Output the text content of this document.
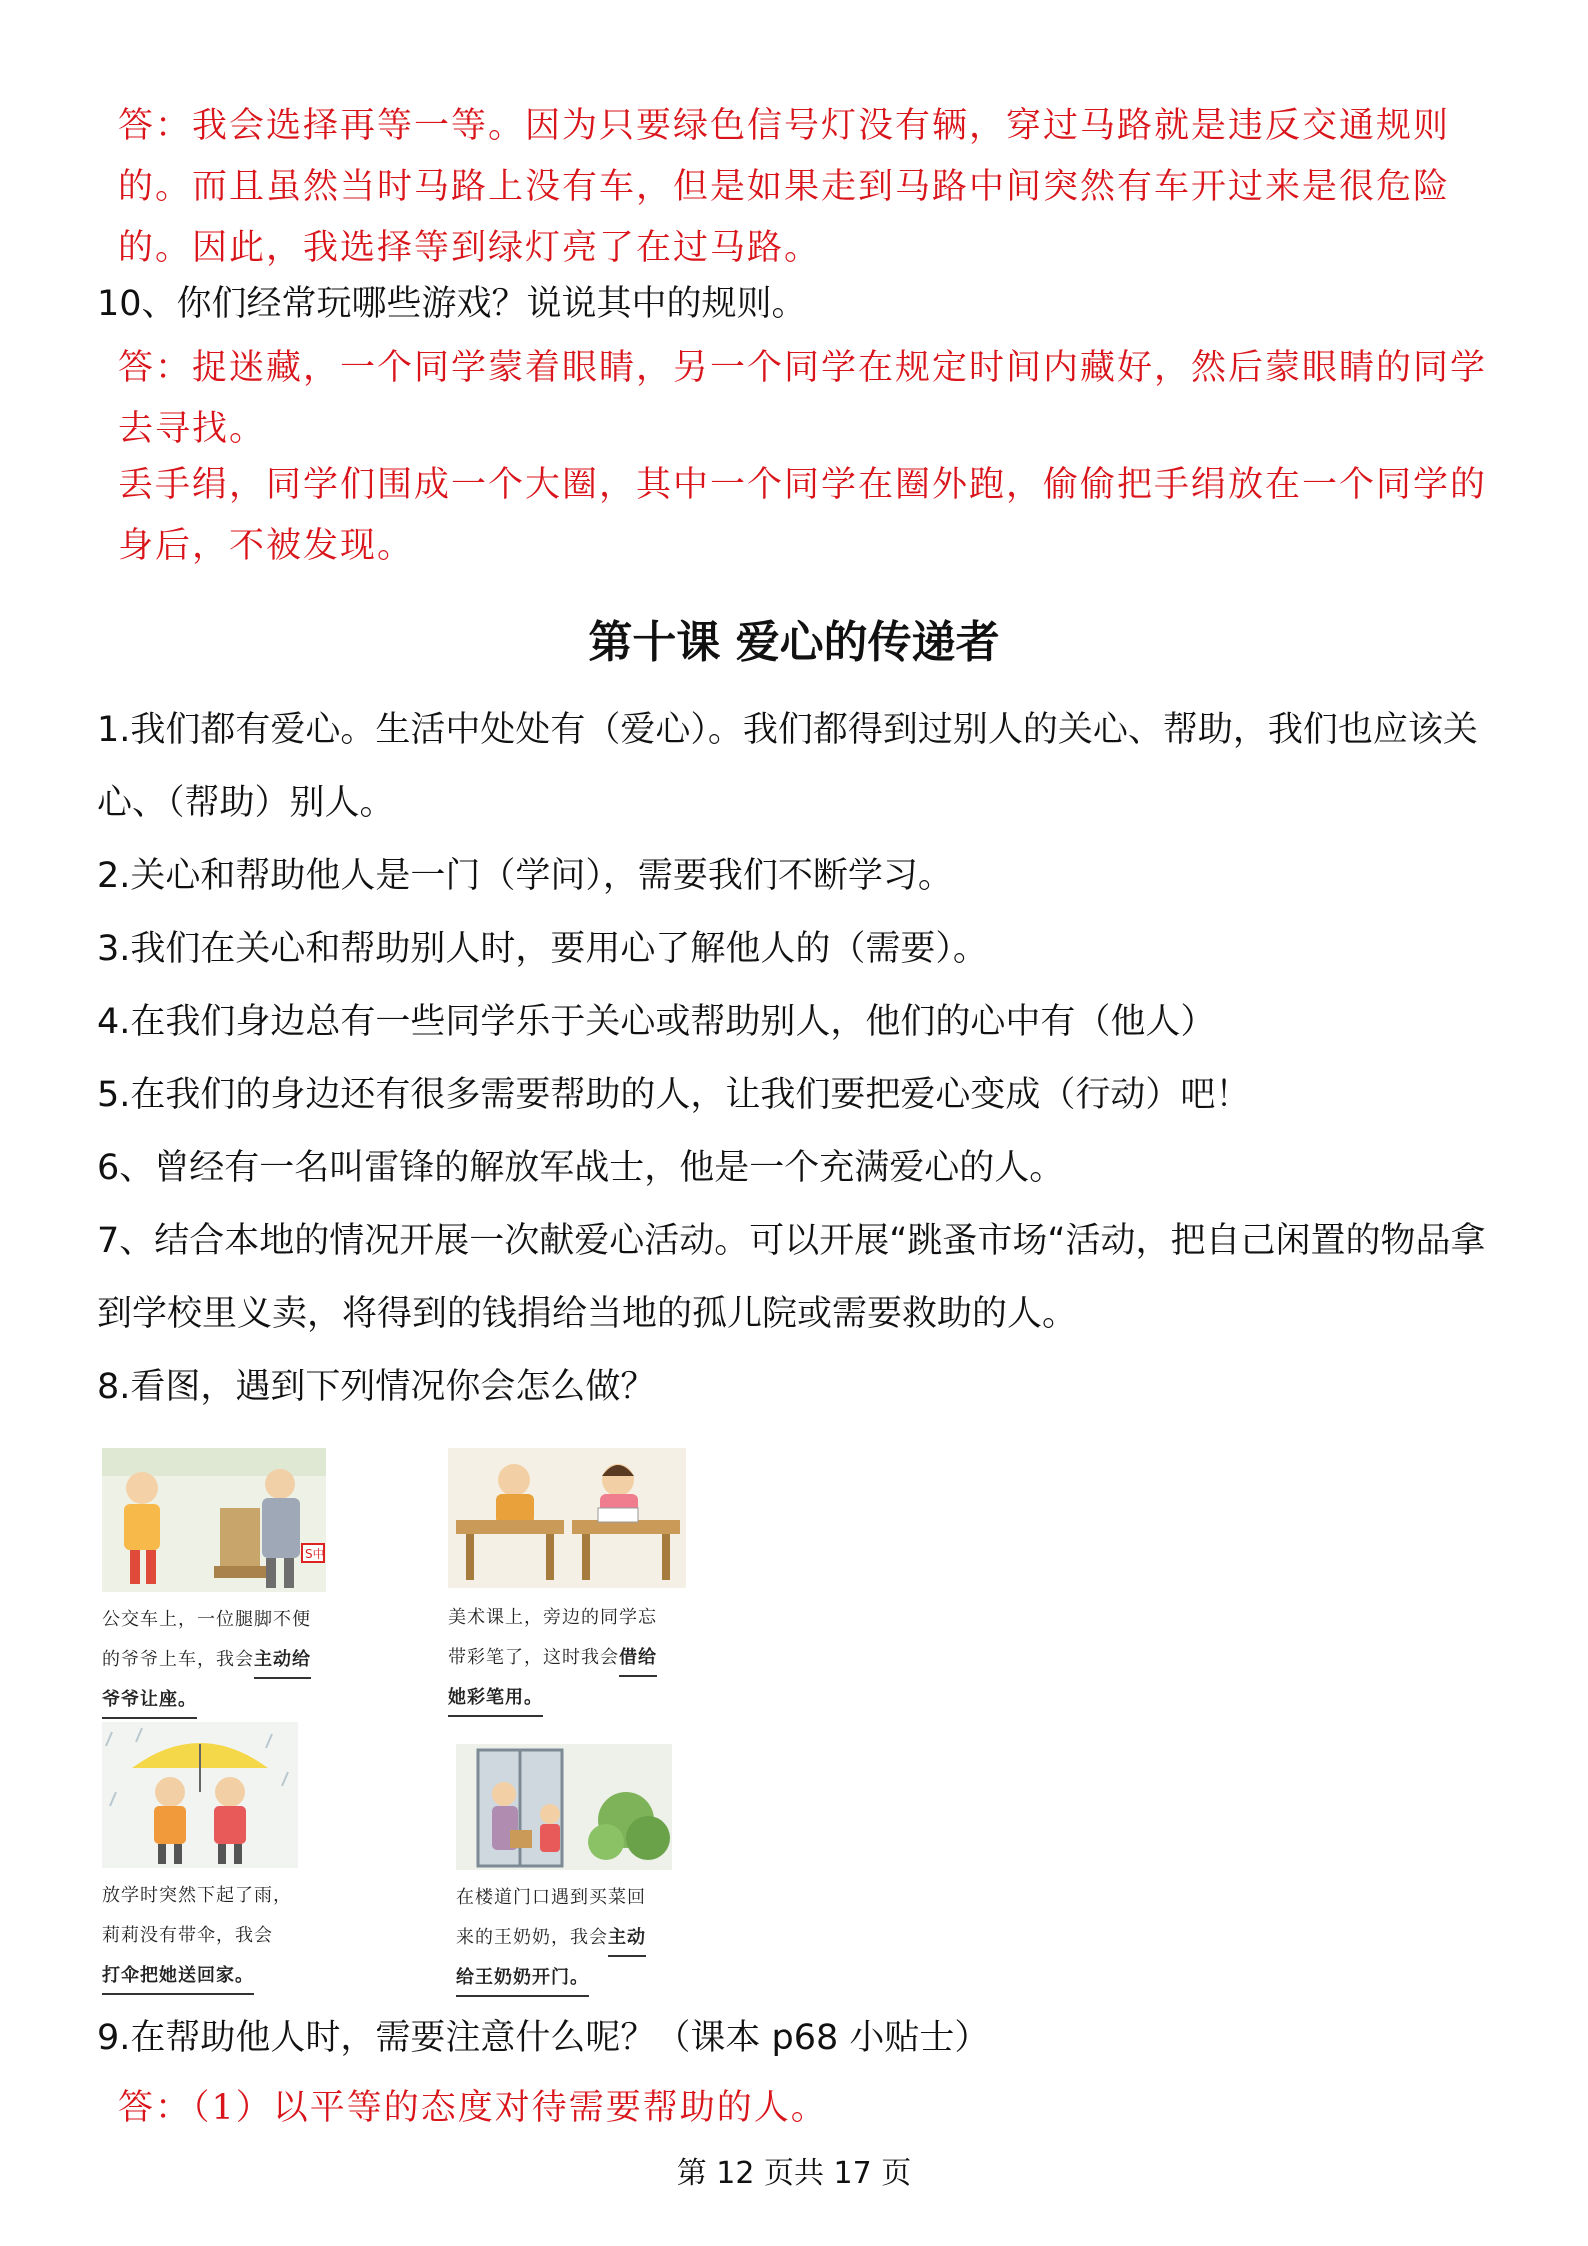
答：我会选择再等一等。因为只要绿色信号灯没有辆，穿过马路就是违反交通规则的。而且虽然当时马路上没有车，但是如果走到马路中间突然有车开过来是很危险的。因此，我选择等到绿灯亮了在过马路。

10、你们经常玩哪些游戏？说说其中的规则。

答：捉迷藏，一个同学蒙着眼睛，另一个同学在规定时间内藏好，然后蒙眼睛的同学去寻找。

丢手绢，同学们围成一个大圈，其中一个同学在圈外跑，偷偷把手绢放在一个同学的身后，不被发现。

第十课 爱心的传递者

1.我们都有爱心。生活中处处有（爱心）。我们都得到过别人的关心、帮助，我们也应该关心、（帮助）别人。

2.关心和帮助他人是一门（学问），需要我们不断学习。

3.我们在关心和帮助别人时，要用心了解他人的（需要）。

4.在我们身边总有一些同学乐于关心或帮助别人，他们的心中有（他人）

5.在我们的身边还有很多需要帮助的人，让我们要把爱心变成（行动）吧！

6、曾经有一名叫雷锋的解放军战士，他是一个充满爱心的人。

7、结合本地的情况开展一次献爱心活动。可以开展“跳蚤市场“活动，把自己闲置的物品拿到学校里义卖，将得到的钱捐给当地的孤儿院或需要救助的人。

8.看图，遇到下列情况你会怎么做？

S中

公交车上，一位腿脚不便

的爷爷上车，我会主动给

爷爷让座。

美术课上，旁边的同学忘

带彩笔了，这时我会借给

她彩笔用。

放学时突然下起了雨，

莉莉没有带伞，我会

打伞把她送回家。

在楼道门口遇到买菜回

来的王奶奶，我会主动

给王奶奶开门。

9.在帮助他人时，需要注意什么呢？（课本 p68 小贴士）

答：（1）以平等的态度对待需要帮助的人。

第 12 页共 17 页
